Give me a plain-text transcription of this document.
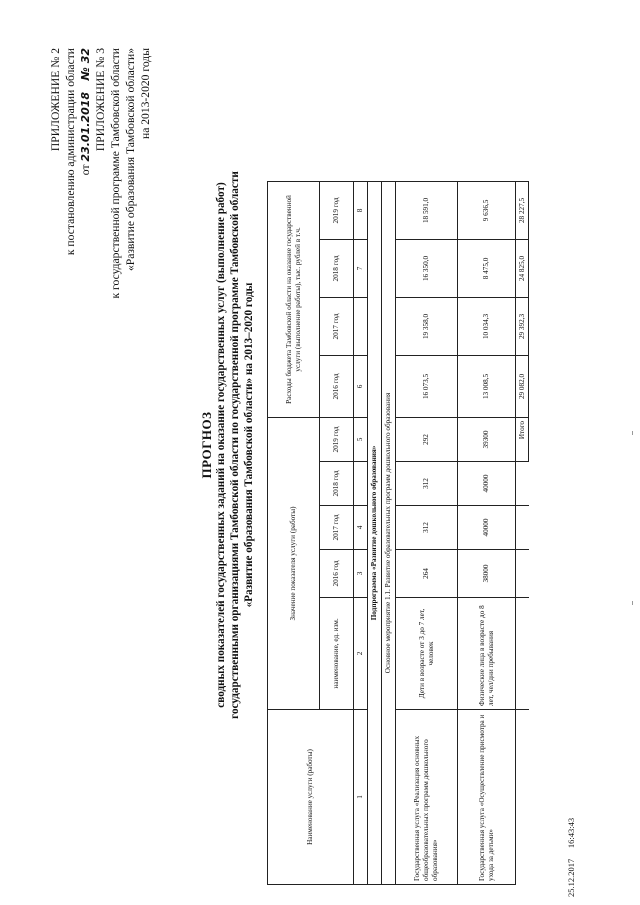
ПРИЛОЖЕНИЕ № 2 к постановлению администрации области от 23.01.2018    № 32 ПРИЛОЖЕНИЕ № 3 к государственной программе Тамбовской области «Развитие образования Тамбовской области» на 2013-2020 годы
ПРОГНОЗ сводных показателей государственных заданий на оказание государственных услуг (выполнение работ) государственными организациями Тамбовской области по государственной программе Тамбовской области «Развитие образования Тамбовской области» на 2013–2020 годы
Наименование услуги (работы)	Значение показателя услуги (работы)					Расходы бюджета Тамбовской области на оказание государственной услуги (выполнение работы), тыс. рублей в т.ч.				
	наименование, ед. изм.	2016 год	2017 год	2018 год	2019 год	2016 год	2017 год	2018 год	2019 год	
1	2	3	4		5	6		7	8	
Подпрограмма «Развитие дошкольного образования»										
Основное мероприятие 1.1. Развитие образовательных программ дошкольного образования										
Государственная услуга «Реализация основных общеобразовательных программ дошкольного образования»	Дети в возрасте от 3 до 7 лет, человек	264	312	312	292	16 073,5	19 358,0	16 350,0	18 591,0	
Государственная услуга «Осуществление присмотра и ухода за детьми»	Физические лица в возрасте до 8 лет, чел/дни пребывания	38000	40000	40000	39300	13 008,5	10 034,3	8 475,0	9 636,5	
					Итого	29 082,0	29 392,3	24 825,0	28 227,5	
25.12.2017     16:43:43
